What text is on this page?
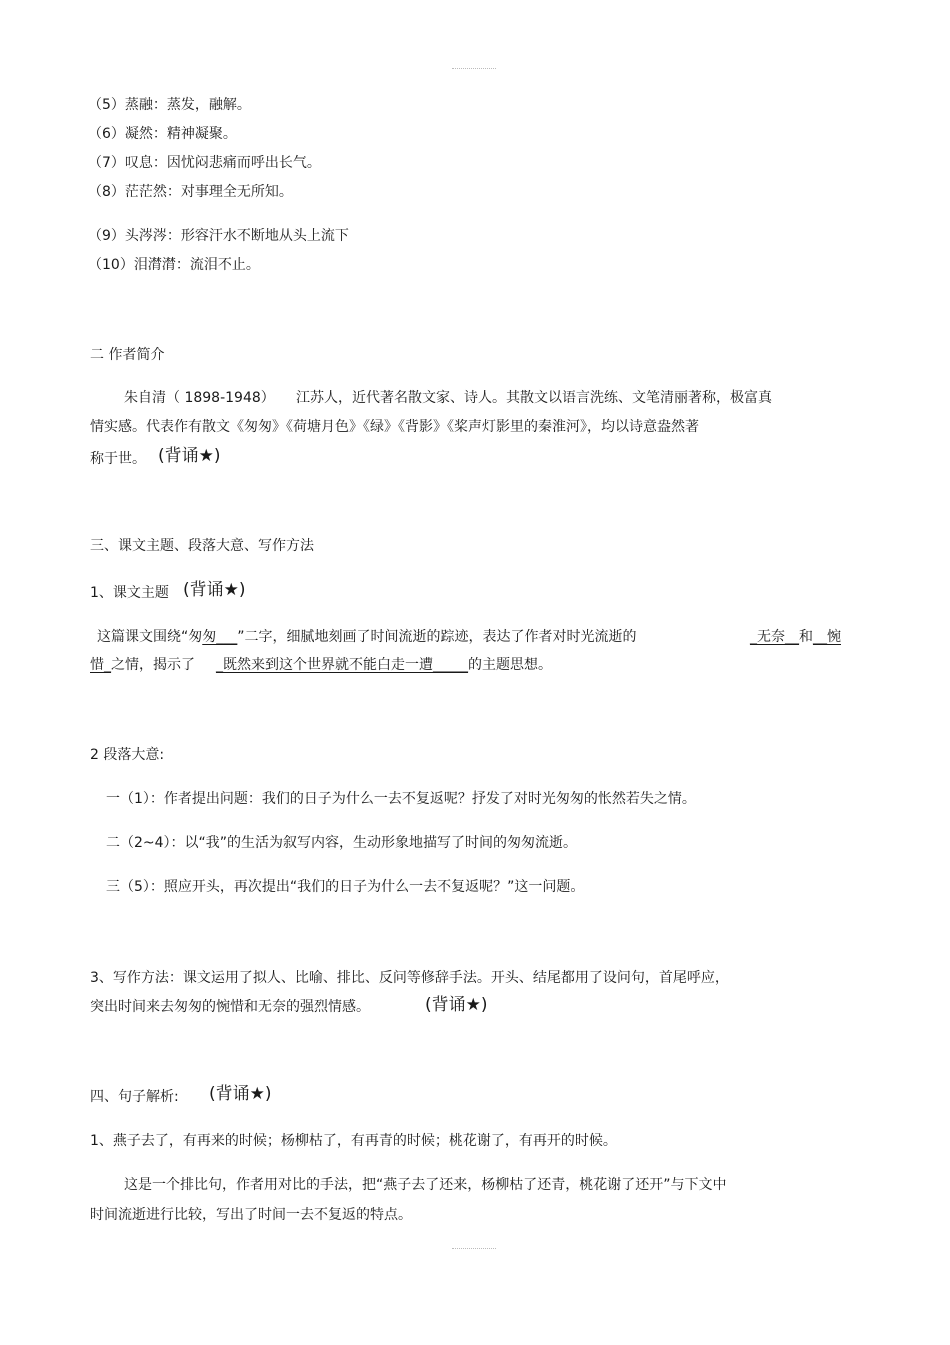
（5）蒸融：蒸发，融解。
（6）凝然：精神凝聚。
（7）叹息：因忧闷悲痛而呼出长气。
（8）茫茫然：对事理全无所知。
（9）头涔涔：形容汗水不断地从头上流下
（10）泪潸潸：流泪不止。
二 作者简介
朱自清（ 1898-1948） 江苏人，近代著名散文家、诗人。其散文以语言洗练、文笔清丽著称，极富真
情实感。代表作有散文《匆匆》《荷塘月色》《绿》《背影》《桨声灯影里的秦淮河》，均以诗意盎然著
称于世。 (背诵★)
三、课文主题、段落大意、写作方法
1、课文主题 (背诵★)
这篇课文围绕“匆匆___”二字，细腻地刻画了时间流逝的踪迹，表达了作者对时光流逝的	_无奈__和__惋
惜_之情，揭示了 _既然来到这个世界就不能白走一遭_____的主题思想。
2 段落大意:
一（1）：作者提出问题：我们的日子为什么一去不复返呢？抒发了对时光匆匆的怅然若失之情。
二（2~4）：以“我”的生活为叙写内容，生动形象地描写了时间的匆匆流逝。
三（5）：照应开头，再次提出“我们的日子为什么一去不复返呢？”这一问题。
3、写作方法：课文运用了拟人、比喻、排比、反问等修辞手法。开头、结尾都用了设问句，首尾呼应，
突出时间来去匆匆的惋惜和无奈的强烈情感。	(背诵★)
四、句子解析: (背诵★)
1、燕子去了，有再来的时候；杨柳枯了，有再青的时候；桃花谢了，有再开的时候。
这是一个排比句，作者用对比的手法，把“燕子去了还来，杨柳枯了还青，桃花谢了还开”与下文中
时间流逝进行比较，写出了时间一去不复返的特点。
